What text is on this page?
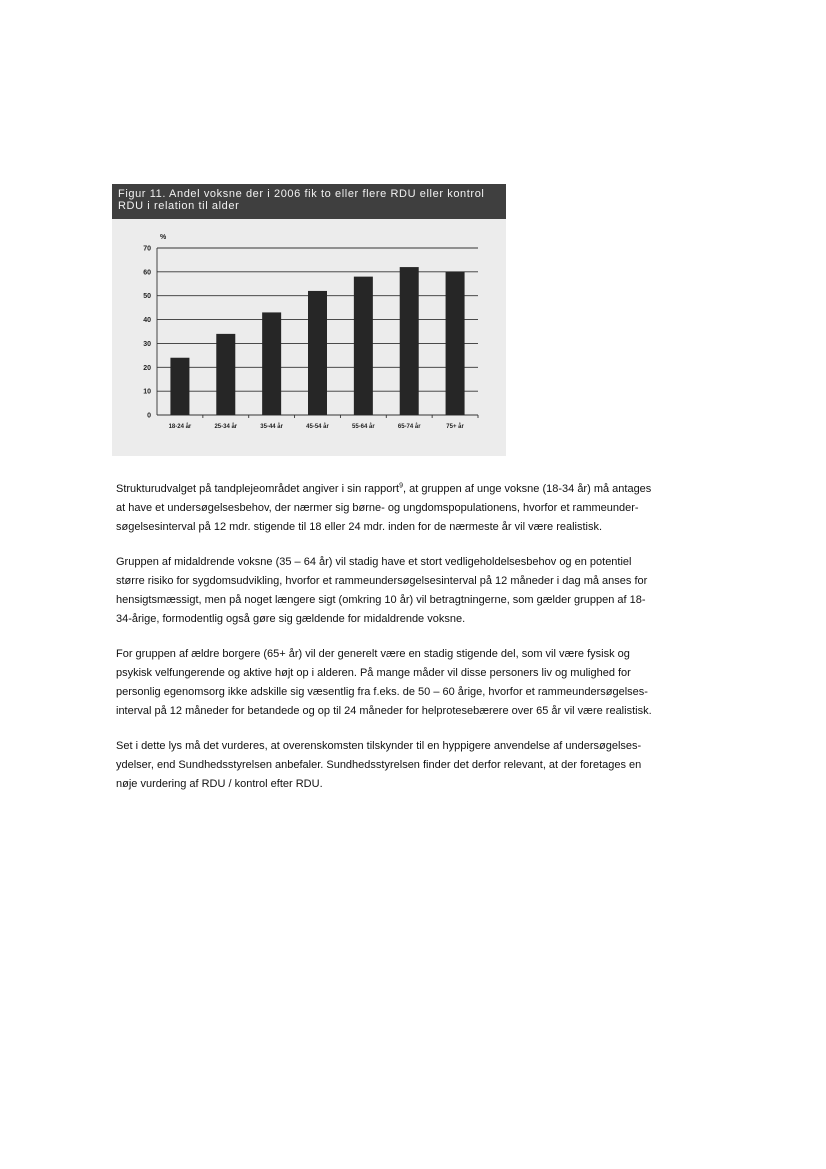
Figur 11. Andel voksne der i 2006 fik to eller flere RDU eller kontrol
RDU i relation til alder
%
0
10
20
30
40
50
60
70
18-24 år	25-34 år	35-44 år	45-54 år	55-64 år	65-74 år	75+ år
Strukturudvalget på tandplejeområdet angiver i sin rapport$^9$, at gruppen af unge voksne (18-34 år) må antages
at have et undersøgelsesbehov, der nærmer sig børne- og ungdomspopulationens, hvorfor et rammeunder-
søgelsesinterval på 12 mdr. stigende til 18 eller 24 mdr. inden for de nærmeste år vil være realistisk.
Gruppen af midaldrende voksne (35 – 64 år) vil stadig have et stort vedligeholdelsesbehov og en potentiel
større risiko for sygdomsudvikling, hvorfor et rammeundersøgelsesinterval på 12 måneder i dag må anses for
hensigtsmæssigt, men på noget længere sigt (omkring 10 år) vil betragtningerne, som gælder gruppen af 18-
34-årige, formodentlig også gøre sig gældende for midaldrende voksne.
For gruppen af ældre borgere (65+ år) vil der generelt være en stadig stigende del, som vil være fysisk og
psykisk velfungerende og aktive højt op i alderen. På mange måder vil disse personers liv og mulighed for
personlig egenomsorg ikke adskille sig væsentlig fra f.eks. de 50 – 60 årige, hvorfor et rammeundersøgelses-
interval på 12 måneder for betandede og op til 24 måneder for helprotesebærere over 65 år vil være realistisk.
Set i dette lys må det vurderes, at overenskomsten tilskynder til en hyppigere anvendelse af undersøgelses-
ydelser, end Sundhedsstyrelsen anbefaler. Sundhedsstyrelsen finder det derfor relevant, at der foretages en
nøje vurdering af RDU / kontrol efter RDU.
